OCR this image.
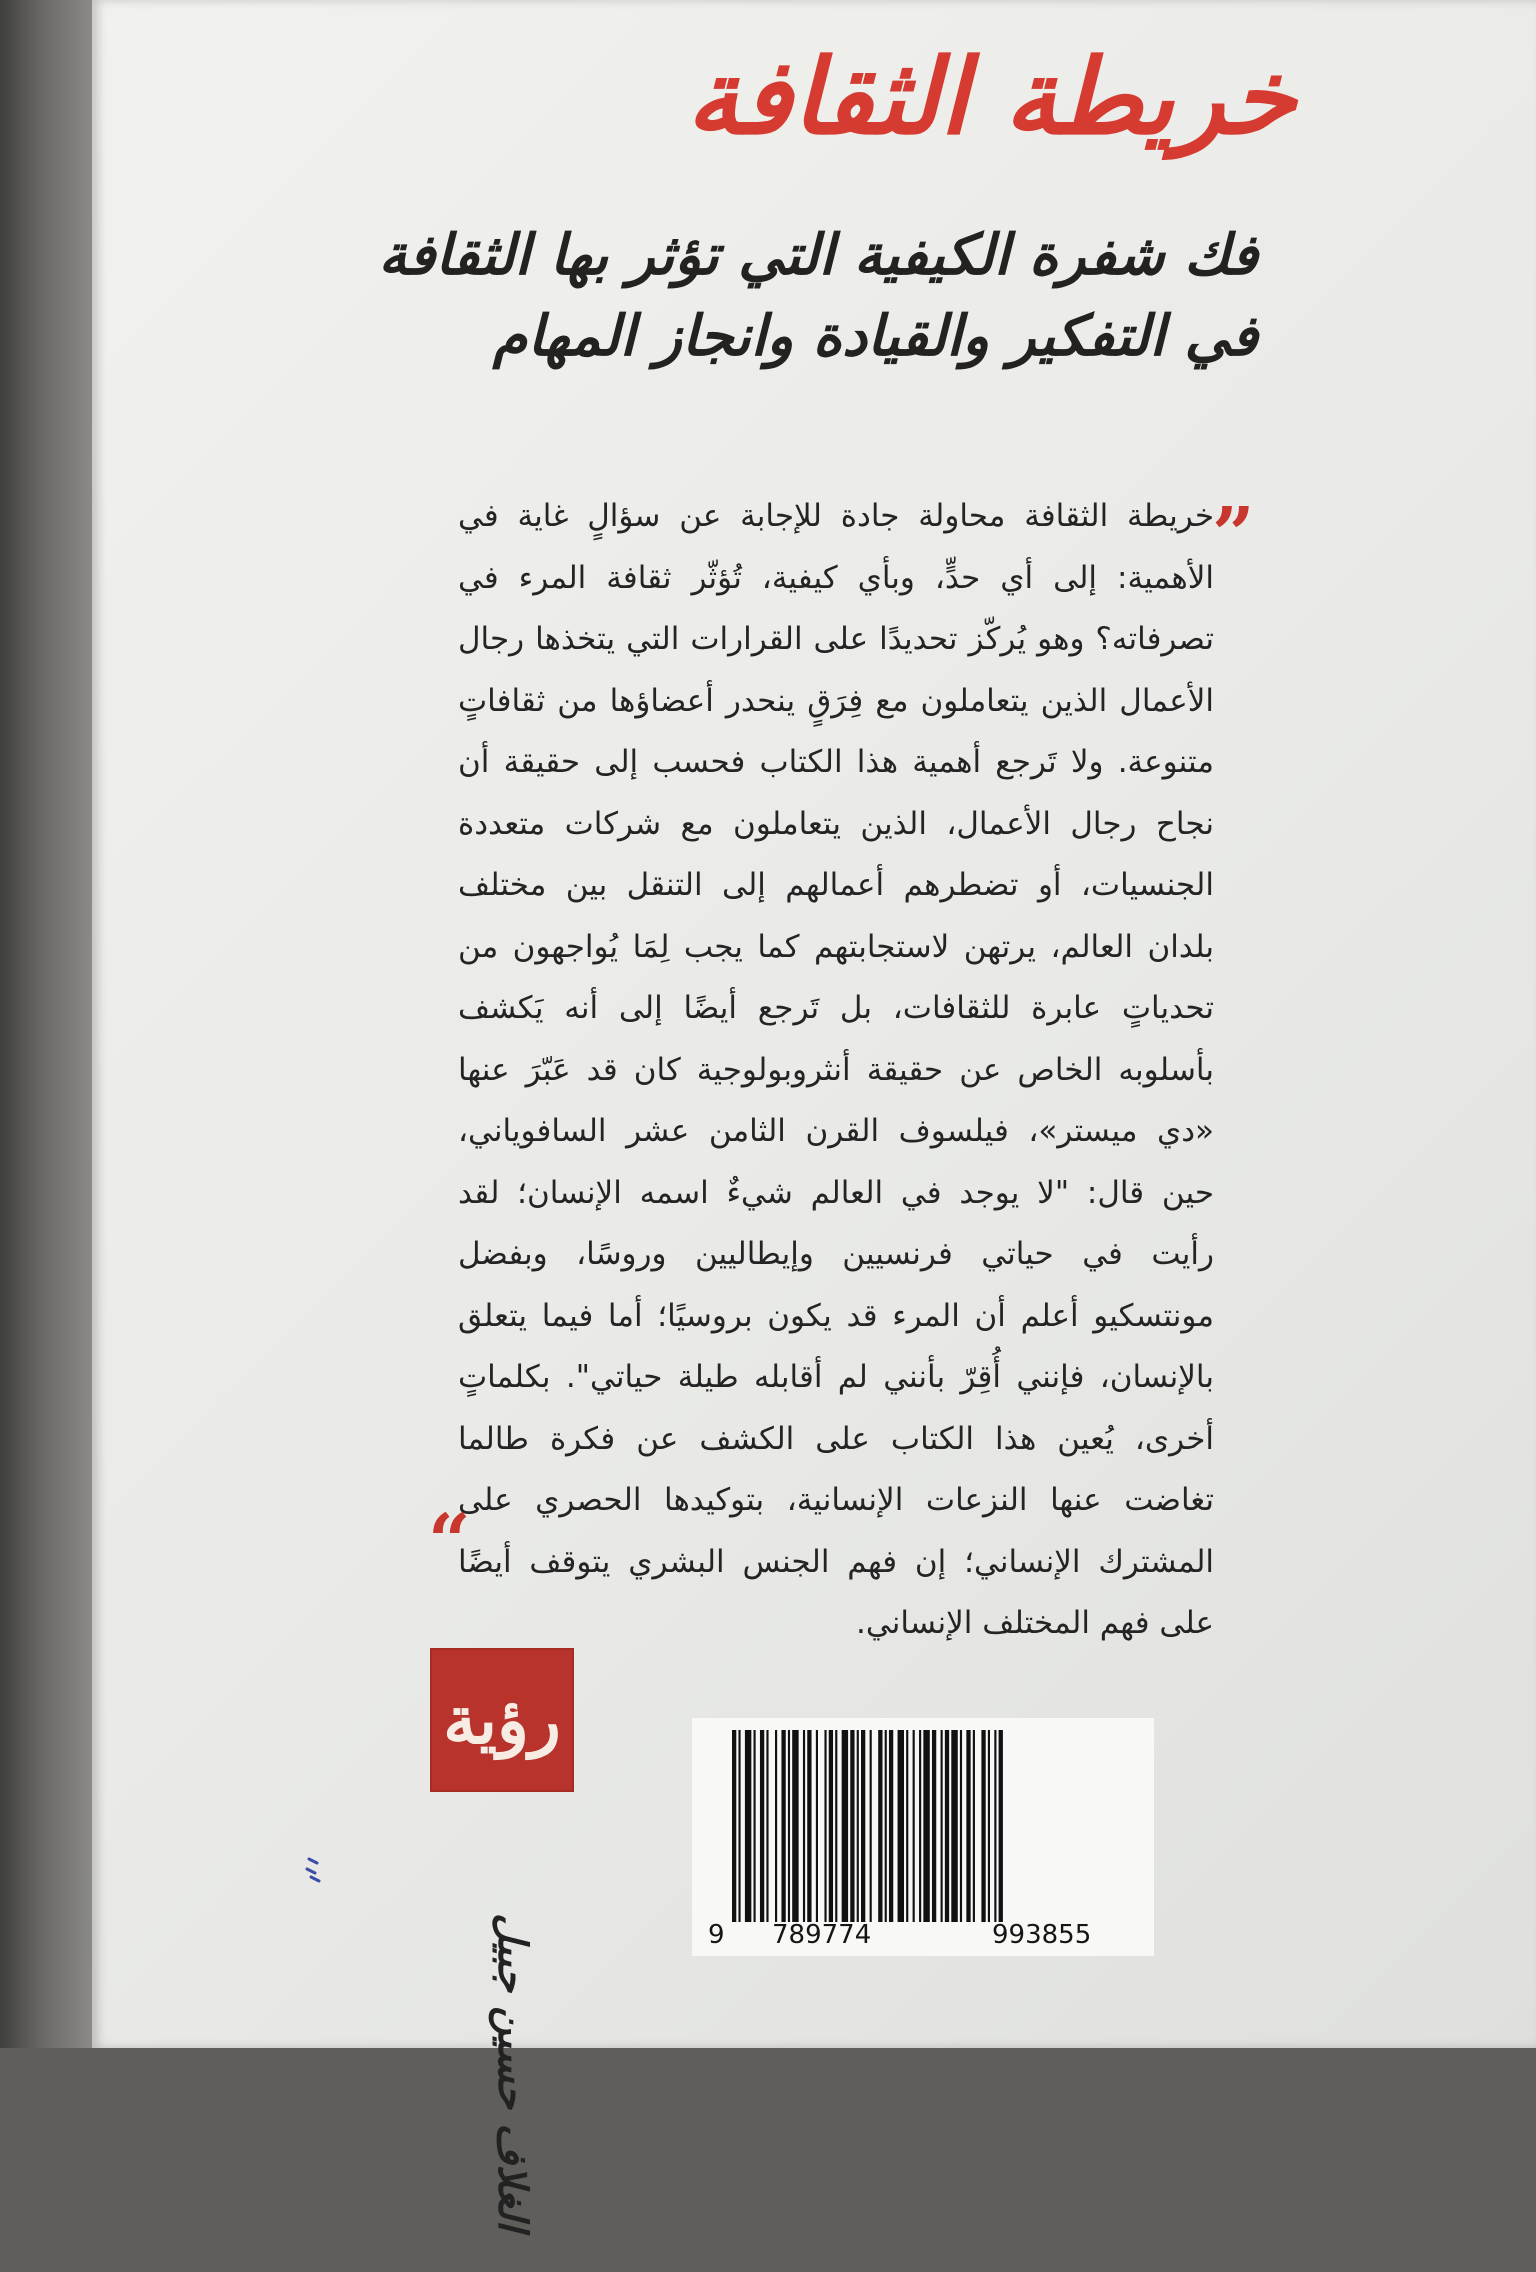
خريطة الثقافة
فك شفرة الكيفية التي تؤثر بها الثقافة
في التفكير والقيادة وانجاز المهام
”

خريطة الثقافة محاولة جادة للإجابة عن سؤالٍ غاية في الأهمية: إلى أي حدٍّ، وبأي كيفية، تُؤثّر ثقافة المرء في تصرفاته؟ وهو يُركّز تحديدًا على القرارات التي يتخذها رجال الأعمال الذين يتعاملون مع فِرَقٍ ينحدر أعضاؤها من ثقافاتٍ متنوعة. ولا تَرجع أهمية هذا الكتاب فحسب إلى حقيقة أن نجاح رجال الأعمال، الذين يتعاملون مع شركات متعددة الجنسيات، أو تضطرهم أعمالهم إلى التنقل بين مختلف بلدان العالم، يرتهن لاستجابتهم كما يجب لِمَا يُواجهون من تحدياتٍ عابرة للثقافات، بل تَرجع أيضًا إلى أنه يَكشف بأسلوبه الخاص عن حقيقة أنثروبولوجية كان قد عَبّرَ عنها «دي ميستر»، فيلسوف القرن الثامن عشر السافوياني، حين قال: "لا يوجد في العالم شيءٌ اسمه الإنسان؛ لقد رأيت في حياتي فرنسيين وإيطاليين وروسًا، وبفضل مونتسكيو أعلم أن المرء قد يكون بروسيًا؛ أما فيما يتعلق بالإنسان، فإنني أُقِرّ بأنني لم أقابله طيلة حياتي". بكلماتٍ أخرى، يُعين هذا الكتاب على الكشف عن فكرة طالما تغاضت عنها النزعات الإنسانية، بتوكيدها الحصري على المشترك الإنساني؛ إن فهم الجنس البشري يتوقف أيضًا على فهم المختلف الإنساني.

“
رؤية
الغلاف حسين جبيل	9 789774	993855
